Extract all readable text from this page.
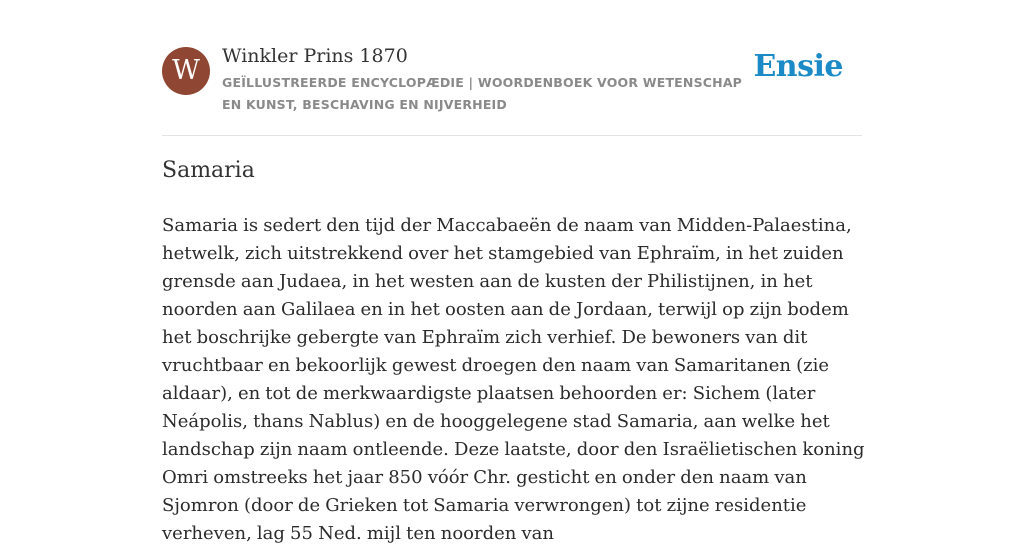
W	Winkler Prins 1870
GEÏLLUSTREERDE ENCYCLOPÆDIE | WOORDENBOEK VOOR WETENSCHAP EN KUNST, BESCHAVING EN NIJVERHEID
Ensie
Samaria

Samaria is sedert den tijd der Maccabaeën de naam van Midden-Palaestina, hetwelk, zich uitstrekkend over het stamgebied van Ephraïm, in het zuiden grensde aan Judaea, in het westen aan de kusten der Philistijnen, in het noorden aan Galilaea en in het oosten aan de Jordaan, terwijl op zijn bodem het boschrijke gebergte van Ephraïm zich verhief. De bewoners van dit vruchtbaar en bekoorlijk gewest droegen den naam van Samaritanen (zie aldaar), en tot de merkwaardigste plaatsen behoorden er: Sichem (later Neápolis, thans Nablus) en de hooggelegene stad Samaria, aan welke het landschap zijn naam ontleende. Deze laatste, door den Israëlietischen koning Omri omstreeks het jaar 850 vóór Chr. gesticht en onder den naam van Sjomron (door de Grieken tot Samaria verwrongen) tot zijne residentie verheven, lag 55 Ned. mijl ten noorden van
